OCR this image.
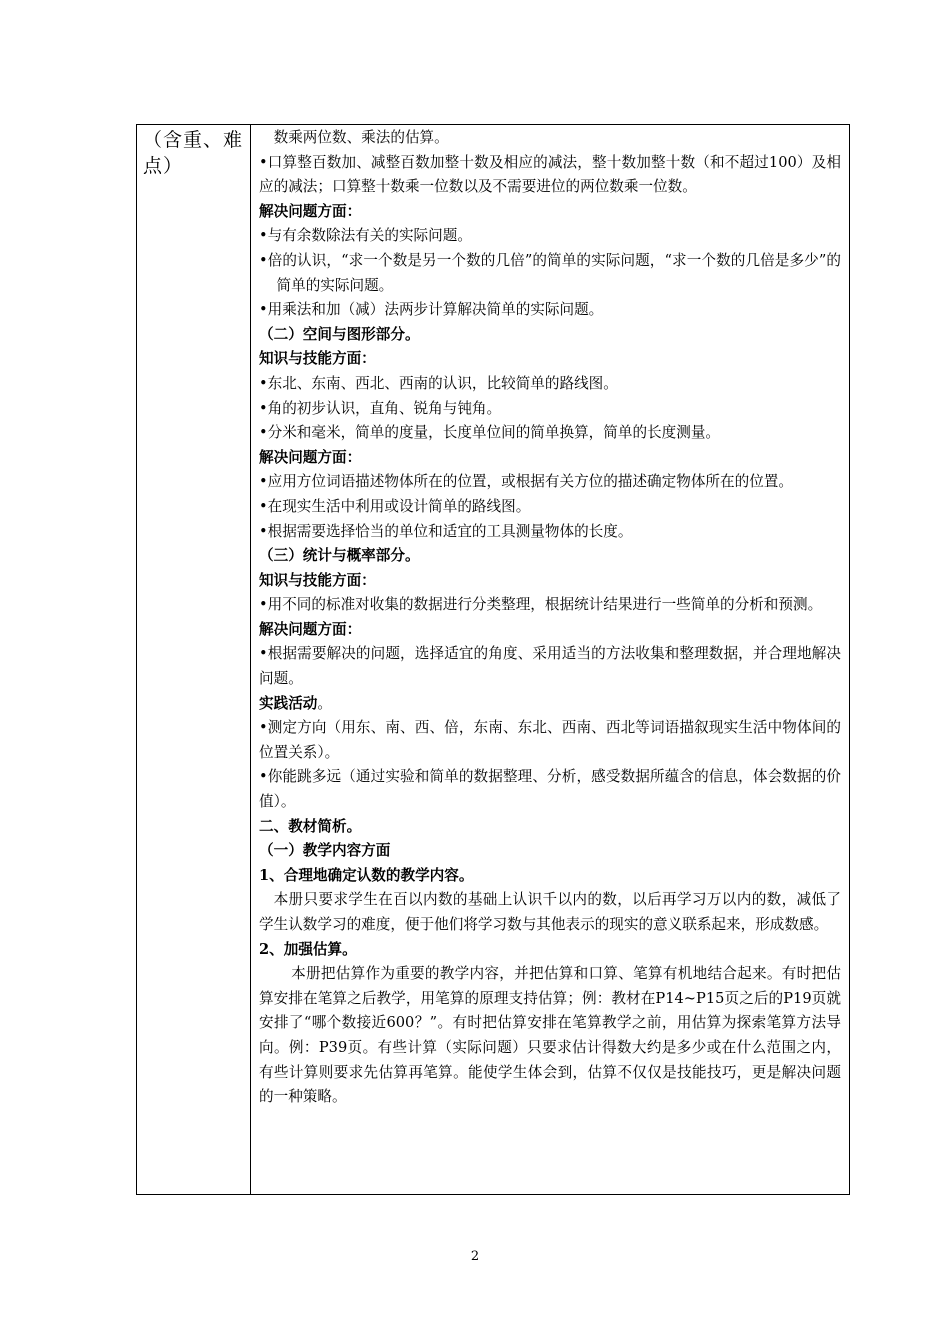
（含重、难点）

数乘两位数、乘法的估算。

•口算整百数加、减整百数加整十数及相应的减法，整十数加整十数（和不超过100）及相应的减法；口算整十数乘一位数以及不需要进位的两位数乘一位数。

解决问题方面：

•与有余数除法有关的实际问题。

•倍的认识，“求一个数是另一个数的几倍”的简单的实际问题，“求一个数的几倍是多少”的简单的实际问题。

•用乘法和加（减）法两步计算解决简单的实际问题。

（二）空间与图形部分。

知识与技能方面：

•东北、东南、西北、西南的认识，比较简单的路线图。

•角的初步认识，直角、锐角与钝角。

•分米和毫米，简单的度量，长度单位间的简单换算，简单的长度测量。

解决问题方面：

•应用方位词语描述物体所在的位置，或根据有关方位的描述确定物体所在的位置。

•在现实生活中利用或设计简单的路线图。

•根据需要选择恰当的单位和适宜的工具测量物体的长度。

（三）统计与概率部分。

知识与技能方面：

•用不同的标准对收集的数据进行分类整理，根据统计结果进行一些简单的分析和预测。

解决问题方面：

•根据需要解决的问题，选择适宜的角度、采用适当的方法收集和整理数据，并合理地解决问题。

实践活动。

•测定方向（用东、南、西、倍，东南、东北、西南、西北等词语描叙现实生活中物体间的位置关系）。

•你能跳多远（通过实验和简单的数据整理、分析，感受数据所蕴含的信息，体会数据的价值）。

二、教材简析。

（一）教学内容方面

1、合理地确定认数的教学内容。

本册只要求学生在百以内数的基础上认识千以内的数，以后再学习万以内的数，减低了学生认数学习的难度，便于他们将学习数与其他表示的现实的意义联系起来，形成数感。

2、加强估算。

本册把估算作为重要的教学内容，并把估算和口算、笔算有机地结合起来。有时把估算安排在笔算之后教学，用笔算的原理支持估算；例：教材在P14~P15页之后的P19页就安排了“哪个数接近600？”。有时把估算安排在笔算教学之前，用估算为探索笔算方法导向。例：P39页。有些计算（实际问题）只要求估计得数大约是多少或在什么范围之内，有些计算则要求先估算再笔算。能使学生体会到，估算不仅仅是技能技巧，更是解决问题的一种策略。

2
